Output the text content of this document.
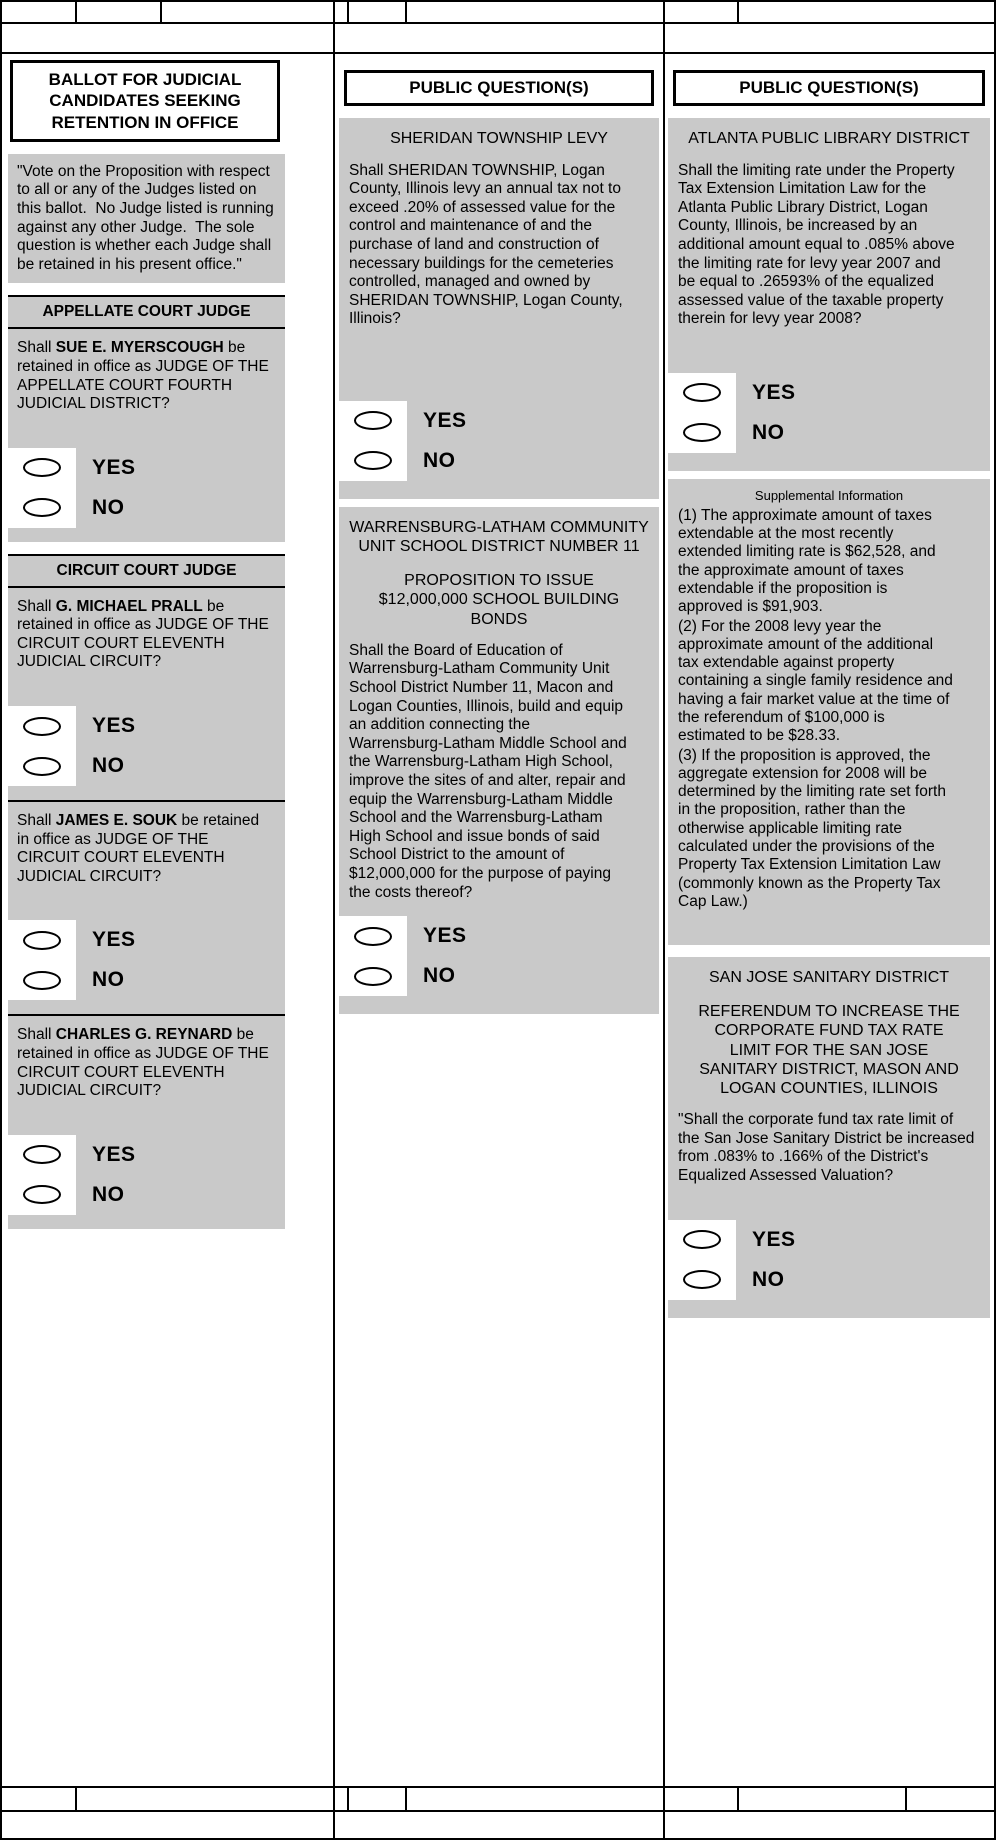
BALLOT FOR JUDICIAL CANDIDATES SEEKING RETENTION IN OFFICE
"Vote on the Proposition with respect to all or any of the Judges listed on this ballot.  No Judge listed is running against any other Judge.  The sole question is whether each Judge shall be retained in his present office."
APPELLATE COURT JUDGE

Shall SUE E. MYERSCOUGH be retained in office as JUDGE OF THE APPELLATE COURT FOURTH JUDICIAL DISTRICT?

YES
NO
CIRCUIT COURT JUDGE

Shall G. MICHAEL PRALL be retained in office as JUDGE OF THE CIRCUIT COURT ELEVENTH JUDICIAL CIRCUIT?

YES
NO

Shall JAMES E. SOUK be retained in office as JUDGE OF THE CIRCUIT COURT ELEVENTH JUDICIAL CIRCUIT?

YES
NO

Shall CHARLES G. REYNARD be retained in office as JUDGE OF THE CIRCUIT COURT ELEVENTH JUDICIAL CIRCUIT?

YES
NO
PUBLIC QUESTION(S)
SHERIDAN TOWNSHIP LEVY

Shall SHERIDAN TOWNSHIP, Logan County, Illinois levy an annual tax not to exceed .20% of assessed value for the control and maintenance of and the purchase of land and construction of necessary buildings for the cemeteries controlled, managed and owned by SHERIDAN TOWNSHIP, Logan County, Illinois?

YES
NO
WARRENSBURG-LATHAM COMMUNITY UNIT SCHOOL DISTRICT NUMBER 11
PROPOSITION TO ISSUE $12,000,000 SCHOOL BUILDING BONDS

Shall the Board of Education of Warrensburg-Latham Community Unit School District Number 11, Macon and Logan Counties, Illinois, build and equip an addition connecting the Warrensburg-Latham Middle School and the Warrensburg-Latham High School, improve the sites of and alter, repair and equip the Warrensburg-Latham Middle School and the Warrensburg-Latham High School and issue bonds of said School District to the amount of $12,000,000 for the purpose of paying the costs thereof?

YES
NO
PUBLIC QUESTION(S)
ATLANTA PUBLIC LIBRARY DISTRICT

Shall the limiting rate under the Property Tax Extension Limitation Law for the Atlanta Public Library District, Logan County, Illinois, be increased by an additional amount equal to .085% above the limiting rate for levy year 2007 and be equal to .26593% of the equalized assessed value of the taxable property therein for levy year 2008?

YES
NO
Supplemental Information

(1) The approximate amount of taxes extendable at the most recently extended limiting rate is $62,528, and the approximate amount of taxes extendable if the proposition is approved is $91,903.

(2) For the 2008 levy year the approximate amount of the additional tax extendable against property containing a single family residence and having a fair market value at the time of the referendum of $100,000 is estimated to be $28.33.

(3) If the proposition is approved, the aggregate extension for 2008 will be determined by the limiting rate set forth in the proposition, rather than the otherwise applicable limiting rate calculated under the provisions of the Property Tax Extension Limitation Law (commonly known as the Property Tax Cap Law.)

SAN JOSE SANITARY DISTRICT
REFERENDUM TO INCREASE THE CORPORATE FUND TAX RATE LIMIT FOR THE SAN JOSE SANITARY DISTRICT, MASON AND LOGAN COUNTIES, ILLINOIS

"Shall the corporate fund tax rate limit of the San Jose Sanitary District be increased from .083% to .166% of the District's Equalized Assessed Valuation?

YES
NO
